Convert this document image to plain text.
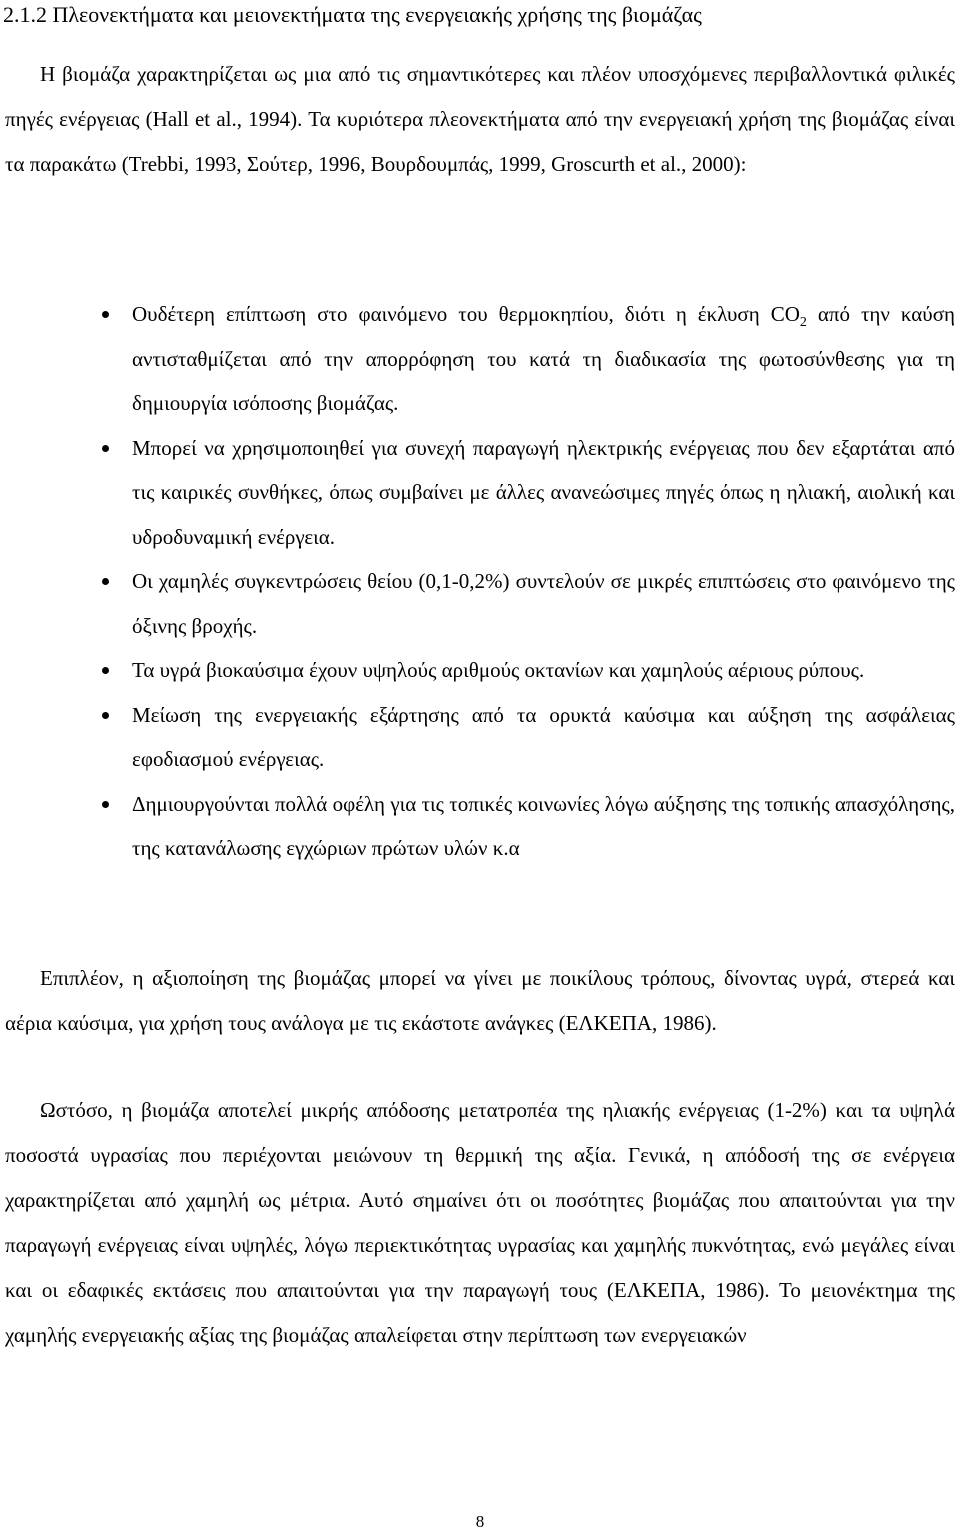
2.1.2 Πλεονεκτήματα και μειονεκτήματα της ενεργειακής χρήσης της βιομάζας

Η βιομάζα χαρακτηρίζεται ως μια από τις σημαντικότερες και πλέον υποσχόμενες περιβαλλοντικά φιλικές πηγές ενέργειας (Hall et al., 1994). Τα κυριότερα πλεονεκτήματα από την ενεργειακή χρήση της βιομάζας είναι τα παρακάτω (Trebbi, 1993, Σούτερ, 1996, Βουρδουμπάς, 1999, Groscurth et al., 2000):

Ουδέτερη επίπτωση στο φαινόμενο του θερμοκηπίου, διότι η έκλυση $CO_2$ από την καύση αντισταθμίζεται από την απορρόφηση του κατά τη διαδικασία της φωτοσύνθεσης για τη δημιουργία ισόποσης βιομάζας.
Μπορεί να χρησιμοποιηθεί για συνεχή παραγωγή ηλεκτρικής ενέργειας που δεν εξαρτάται από τις καιρικές συνθήκες, όπως συμβαίνει με άλλες ανανεώσιμες πηγές όπως η ηλιακή, αιολική και υδροδυναμική ενέργεια.
Οι χαμηλές συγκεντρώσεις θείου (0,1-0,2%) συντελούν σε μικρές επιπτώσεις στο φαινόμενο της όξινης βροχής.
Τα υγρά βιοκαύσιμα έχουν υψηλούς αριθμούς οκτανίων και χαμηλούς αέριους ρύπους.
Μείωση της ενεργειακής εξάρτησης από τα ορυκτά καύσιμα και αύξηση της ασφάλειας εφοδιασμού ενέργειας.
Δημιουργούνται πολλά οφέλη για τις τοπικές κοινωνίες λόγω αύξησης της τοπικής απασχόλησης, της κατανάλωσης εγχώριων πρώτων υλών κ.α

Επιπλέον, η αξιοποίηση της βιομάζας μπορεί να γίνει με ποικίλους τρόπους, δίνοντας υγρά, στερεά και αέρια καύσιμα, για χρήση τους ανάλογα με τις εκάστοτε ανάγκες (ΕΛΚΕΠΑ, 1986).

Ωστόσο, η βιομάζα αποτελεί μικρής απόδοσης μετατροπέα της ηλιακής ενέργειας (1-2%) και τα υψηλά ποσοστά υγρασίας που περιέχονται μειώνουν τη θερμική της αξία. Γενικά, η απόδοσή της σε ενέργεια χαρακτηρίζεται από χαμηλή ως μέτρια. Αυτό σημαίνει ότι οι ποσότητες βιομάζας που απαιτούνται για την παραγωγή ενέργειας είναι υψηλές, λόγω περιεκτικότητας υγρασίας και χαμηλής πυκνότητας, ενώ μεγάλες είναι και οι εδαφικές εκτάσεις που απαιτούνται για την παραγωγή τους (ΕΛΚΕΠΑ, 1986). Το μειονέκτημα της χαμηλής ενεργειακής αξίας της βιομάζας απαλείφεται στην περίπτωση των ενεργειακών

8
